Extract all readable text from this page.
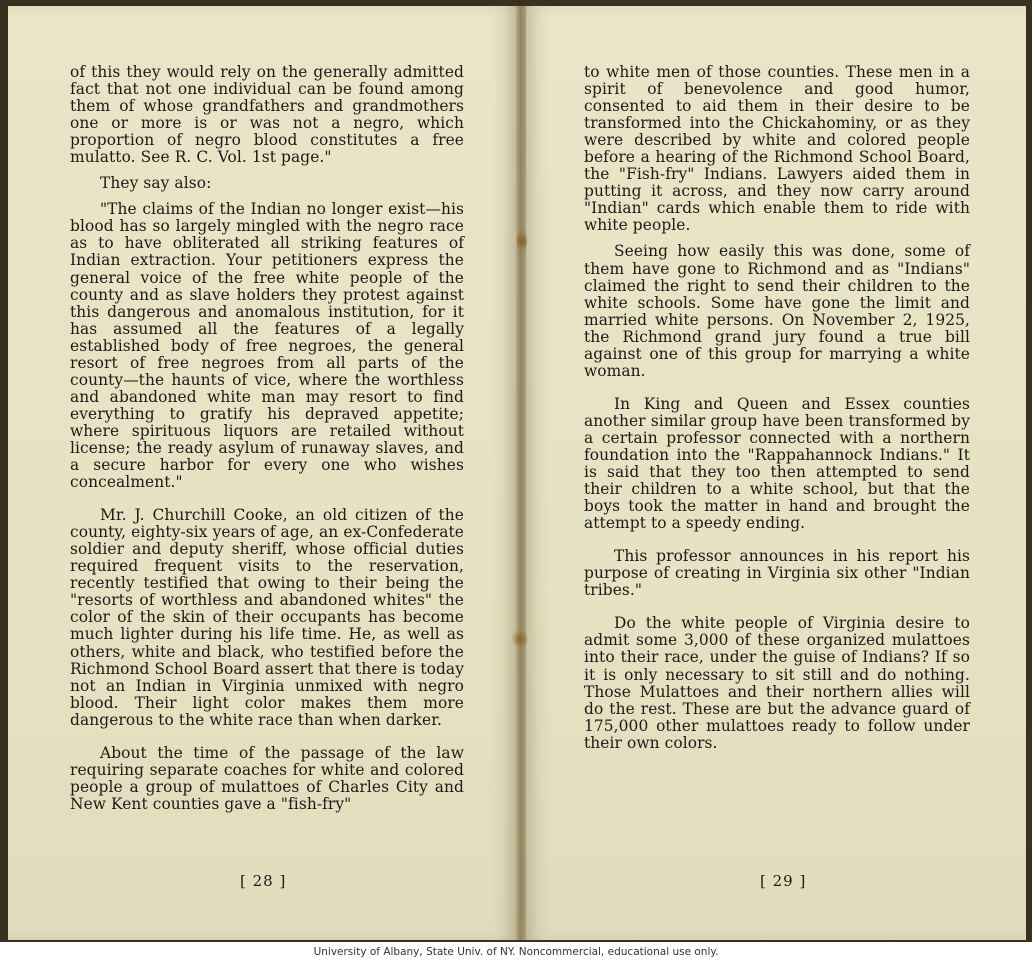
of this they would rely on the generally admitted fact that not one individual can be found among them of whose grandfathers and grandmothers one or more is or was not a negro, which proportion of negro blood constitutes a free mulatto. See R. C. Vol. 1st page."

They say also:

"The claims of the Indian no longer exist—his blood has so largely mingled with the negro race as to have obliterated all striking features of Indian extraction. Your petitioners express the general voice of the free white people of the county and as slave holders they protest against this dangerous and anomalous institution, for it has assumed all the features of a legally established body of free negroes, the general resort of free negroes from all parts of the county—the haunts of vice, where the worthless and abandoned white man may resort to find everything to gratify his depraved appetite; where spirituous liquors are retailed without license; the ready asylum of runaway slaves, and a secure harbor for every one who wishes concealment."

Mr. J. Churchill Cooke, an old citizen of the county, eighty-six years of age, an ex-Confederate soldier and deputy sheriff, whose official duties required frequent visits to the reservation, recently testified that owing to their being the "resorts of worthless and abandoned whites" the color of the skin of their occupants has become much lighter during his life time. He, as well as others, white and black, who testified before the Richmond School Board assert that there is today not an Indian in Virginia unmixed with negro blood. Their light color makes them more dangerous to the white race than when darker.

About the time of the passage of the law requiring separate coaches for white and colored people a group of mulattoes of Charles City and New Kent counties gave a "fish-fry"

to white men of those counties. These men in a spirit of benevolence and good humor, consented to aid them in their desire to be transformed into the Chickahominy, or as they were described by white and colored people before a hearing of the Richmond School Board, the "Fish-fry" Indians. Lawyers aided them in putting it across, and they now carry around "Indian" cards which enable them to ride with white people.

Seeing how easily this was done, some of them have gone to Richmond and as "Indians" claimed the right to send their children to the white schools. Some have gone the limit and married white persons. On November 2, 1925, the Richmond grand jury found a true bill against one of this group for marrying a white woman.

In King and Queen and Essex counties another similar group have been transformed by a certain professor connected with a northern foundation into the "Rappahannock Indians." It is said that they too then attempted to send their children to a white school, but that the boys took the matter in hand and brought the attempt to a speedy ending.

This professor announces in his report his purpose of creating in Virginia six other "Indian tribes."

Do the white people of Virginia desire to admit some 3,000 of these organized mulattoes into their race, under the guise of Indians? If so it is only necessary to sit still and do nothing. Those Mulattoes and their northern allies will do the rest. These are but the advance guard of 175,000 other mulattoes ready to follow under their own colors.

[ 28 ]	[ 29 ]
University of Albany, State Univ. of NY. Noncommercial, educational use only.
